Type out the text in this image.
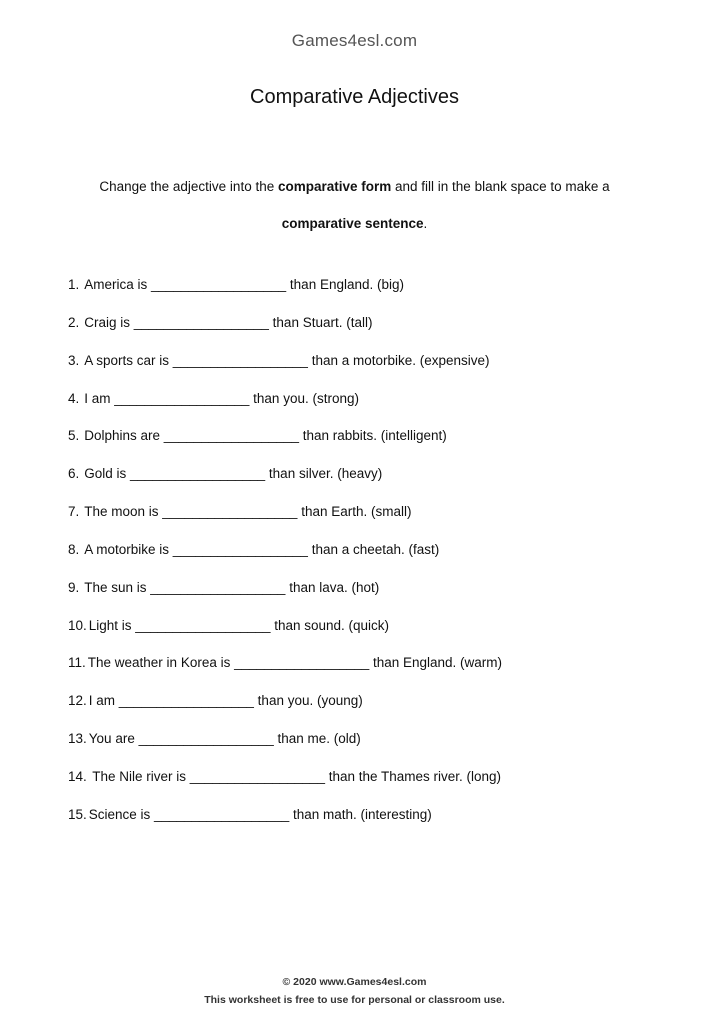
Games4esl.com
Comparative Adjectives
Change the adjective into the comparative form and fill in the blank space to make a
comparative sentence.
1. America is __________________ than England. (big)
2. Craig is __________________ than Stuart. (tall)
3. A sports car is __________________ than a motorbike. (expensive)
4. I am __________________ than you. (strong)
5. Dolphins are __________________ than rabbits. (intelligent)
6. Gold is __________________ than silver. (heavy)
7. The moon is __________________ than Earth. (small)
8. A motorbike is __________________ than a cheetah. (fast)
9. The sun is __________________ than lava. (hot)
10. Light is __________________ than sound. (quick)
11. The weather in Korea is __________________ than England. (warm)
12. I am __________________ than you. (young)
13. You are __________________ than me. (old)
14. The Nile river is __________________ than the Thames river. (long)
15. Science is __________________ than math. (interesting)
© 2020 www.Games4esl.com
This worksheet is free to use for personal or classroom use.
